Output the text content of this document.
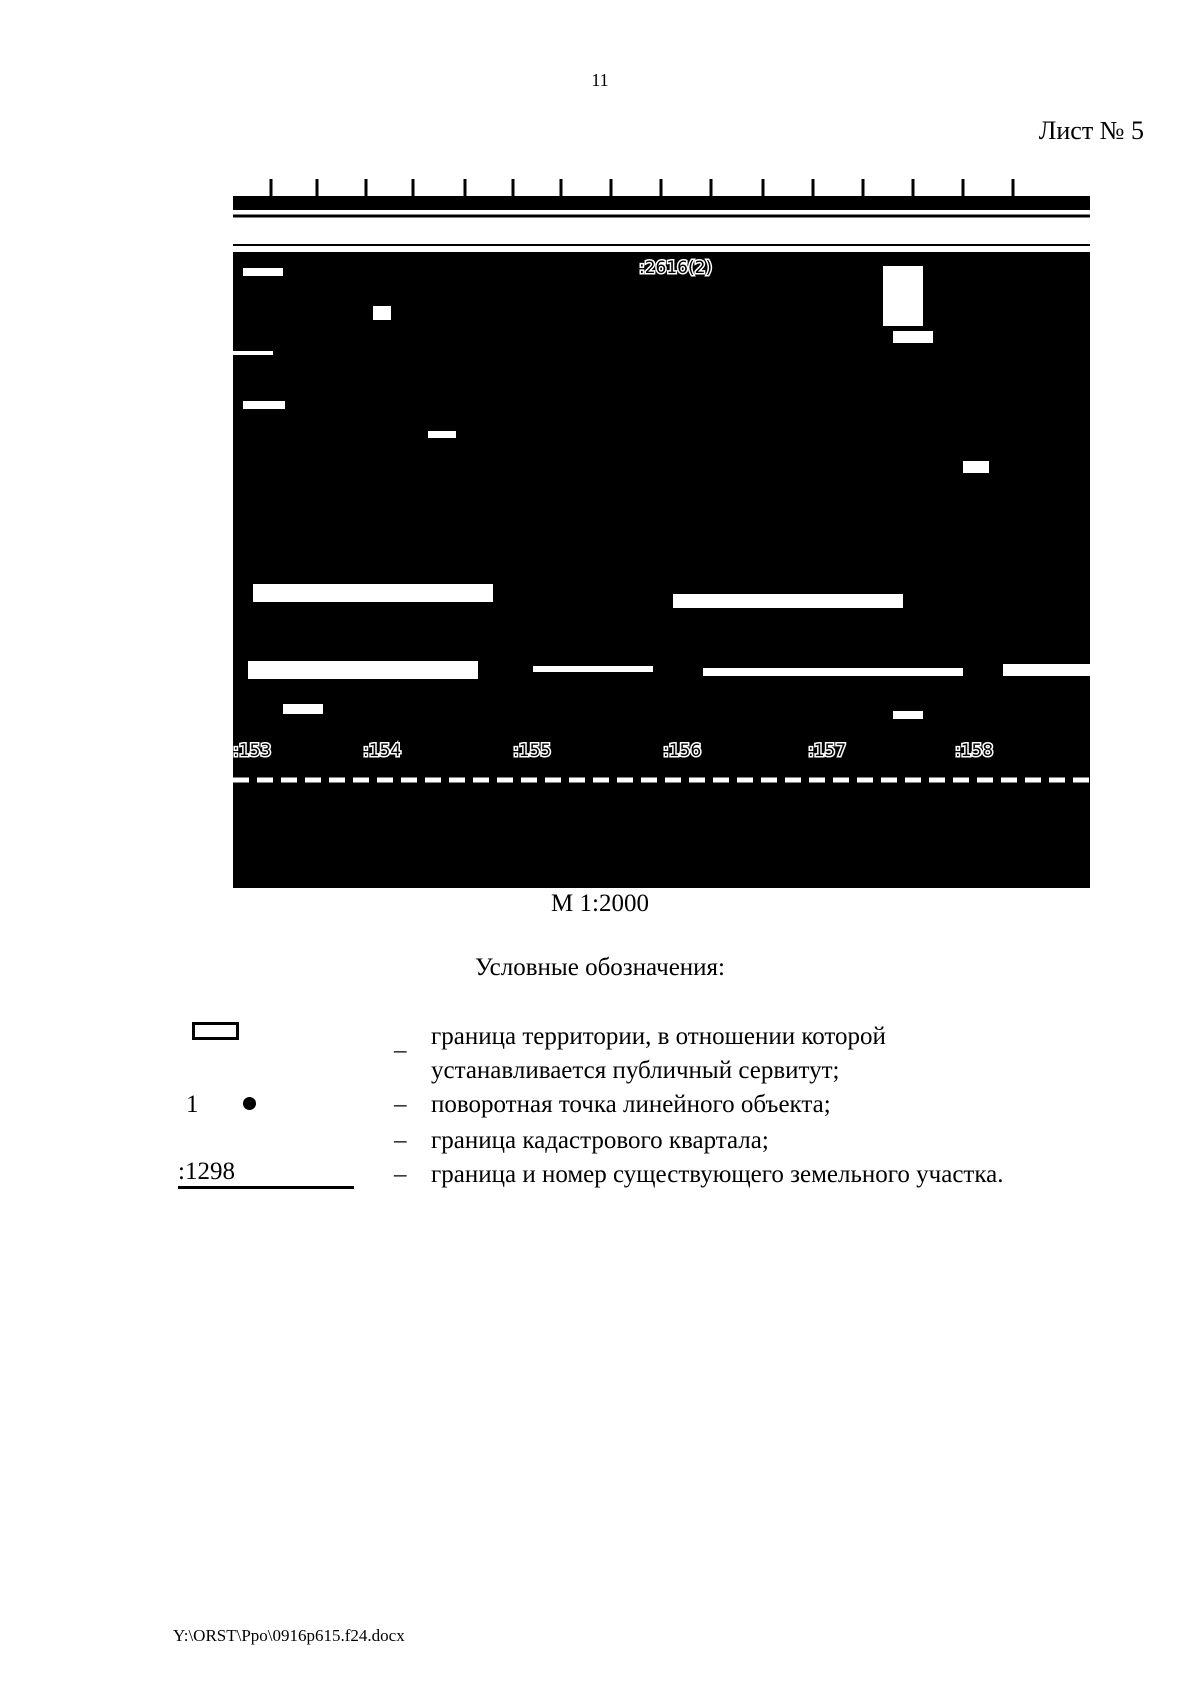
11
Лист № 5
:2616(2)
:153	:154	:155	:156	:157	:158
М 1:2000
Условные обозначения:
–
граница территории, в отношении которой
устанавливается публичный сервитут;
1	– поворотная точка линейного объекта;
– граница кадастрового квартала;
:1298	– граница и номер существующего земельного участка.
Y:\ORST\Ppo\0916p615.f24.docx
